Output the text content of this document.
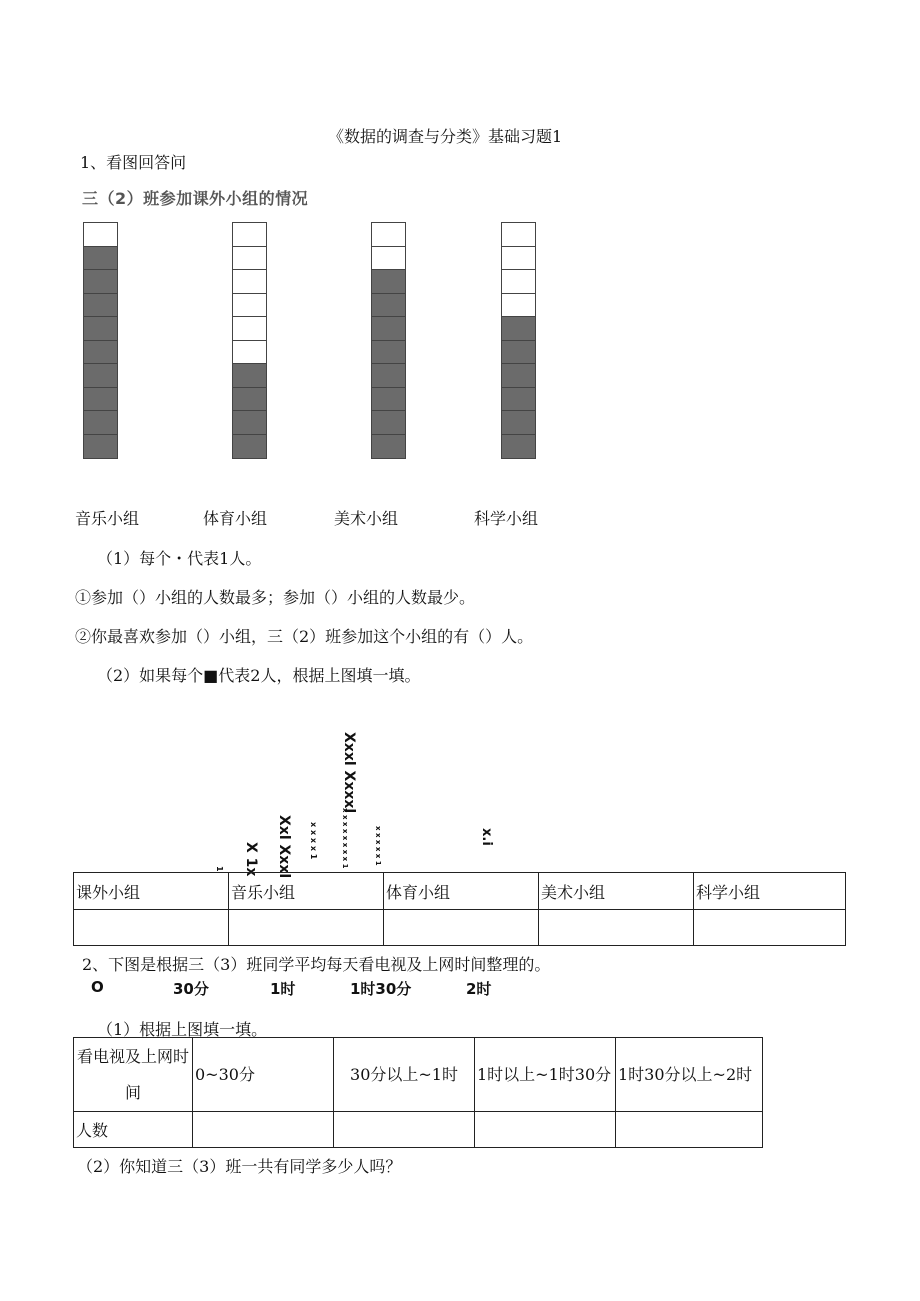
《数据的调查与分类》基础习题1
1、看图回答问
三（2）班参加课外小组的情况
音乐小组	体育小组	美术小组	科学小组
（1）每个・代表1人。
①参加（）小组的人数最多；参加（）小组的人数最少。
②你最喜欢参加（）小组，三（2）班参加这个小组的有（）人。
（2）如果每个■代表2人，根据上图填一填。
1 X 1x Xxl Xxxl x x x x 1
Xxxl Xxxxl
x x x x x x x x 1	x x x x x 1	x.i
课外小组	音乐小组	体育小组	美术小组	科学小组

2、下图是根据三（3）班同学平均每天看电视及上网时间整理的。
O	30分	1时	1时30分	2时
（1）根据上图填一填。
看电视及上网时间	0~30分	30分以上~1时	1时以上~1时30分	1时30分以上~2时
人数				
（2）你知道三（3）班一共有同学多少人吗？
